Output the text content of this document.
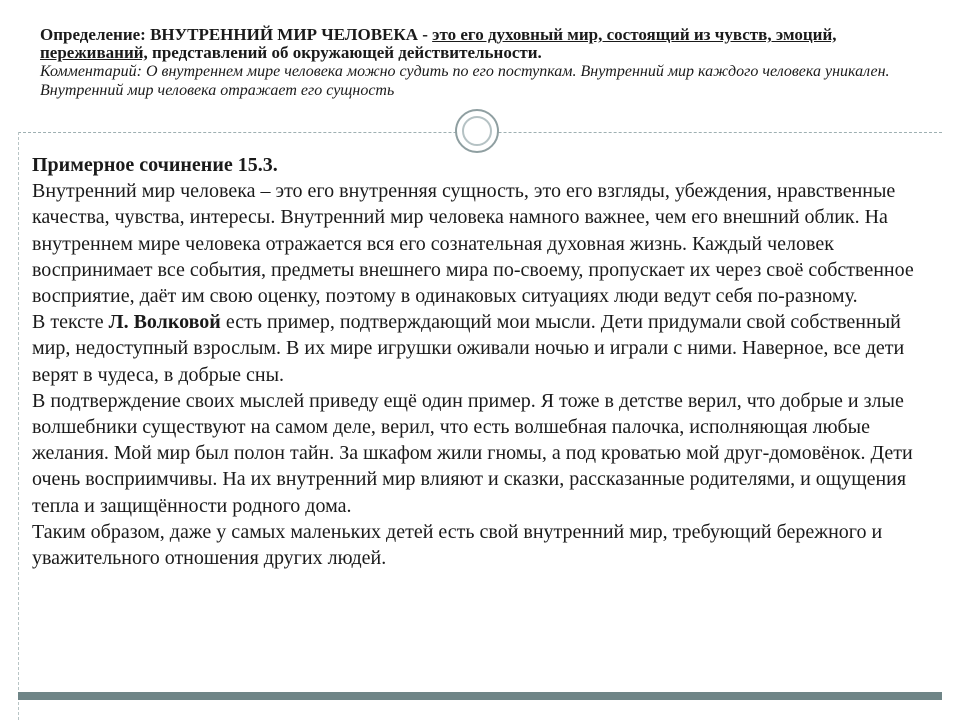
Определение: ВНУТРЕННИЙ МИР ЧЕЛОВЕКА - это его духовный мир, состоящий из чувств, эмоций, переживаний, представлений об окружающей действительности.
Комментарий: О внутреннем мире человека можно судить по его поступкам. Внутренний мир каждого человека уникален. Внутренний мир человека отражает его сущность

Примерное сочинение 15.3.

Внутренний мир человека – это его внутренняя сущность, это его взгляды, убеждения, нравственные качества, чувства, интересы. Внутренний мир человека намного важнее, чем его внешний облик. На внутреннем мире человека отражается вся его сознательная духовная жизнь. Каждый человек воспринимает все события, предметы внешнего мира по-своему, пропускает их через своё собственное восприятие, даёт им свою оценку, поэтому в одинаковых ситуациях люди ведут себя по-разному.

В тексте Л. Волковой есть пример, подтверждающий мои мысли. Дети придумали свой собственный мир, недоступный взрослым. В их мире игрушки оживали ночью и играли с ними. Наверное, все дети верят в чудеса, в добрые сны.

В подтверждение своих мыслей приведу ещё один пример. Я тоже в детстве верил, что добрые и злые волшебники существуют на самом деле, верил, что есть волшебная палочка, исполняющая любые желания. Мой мир был полон тайн. За шкафом жили гномы, а под кроватью мой друг-домовёнок. Дети очень восприимчивы. На их внутренний мир влияют и сказки, рассказанные родителями, и ощущения тепла и защищённости родного дома.

Таким образом, даже у самых маленьких детей есть свой внутренний мир, требующий бережного и уважительного отношения других людей.
